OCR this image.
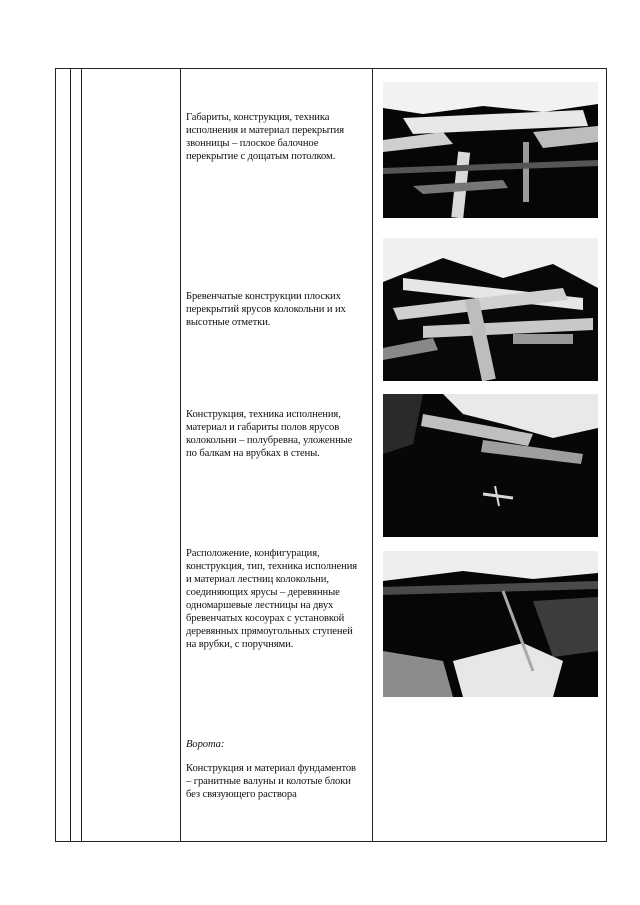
Габариты, конструкция, техника исполнения и материал перекрытия звонницы – плоское балочное перекрытие с дощатым потолком.
Бревенчатые конструкции плоских перекрытий ярусов колокольни и их высотные отметки.
Конструкция, техника исполнения, материал и габариты полов ярусов колокольни – полубревна, уложенные по балкам на врубках в стены.
Расположение, конфигурация, конструкция, тип, техника исполнения и материал лестниц колокольни, соединяющих ярусы – деревянные одномаршевые лестницы на двух бревенчатых косоурах с установкой деревянных прямоугольных ступеней на врубки, с поручнями.
Ворота:
Конструкция и материал фундаментов – гранитные валуны и колотые блоки без связующего раствора
